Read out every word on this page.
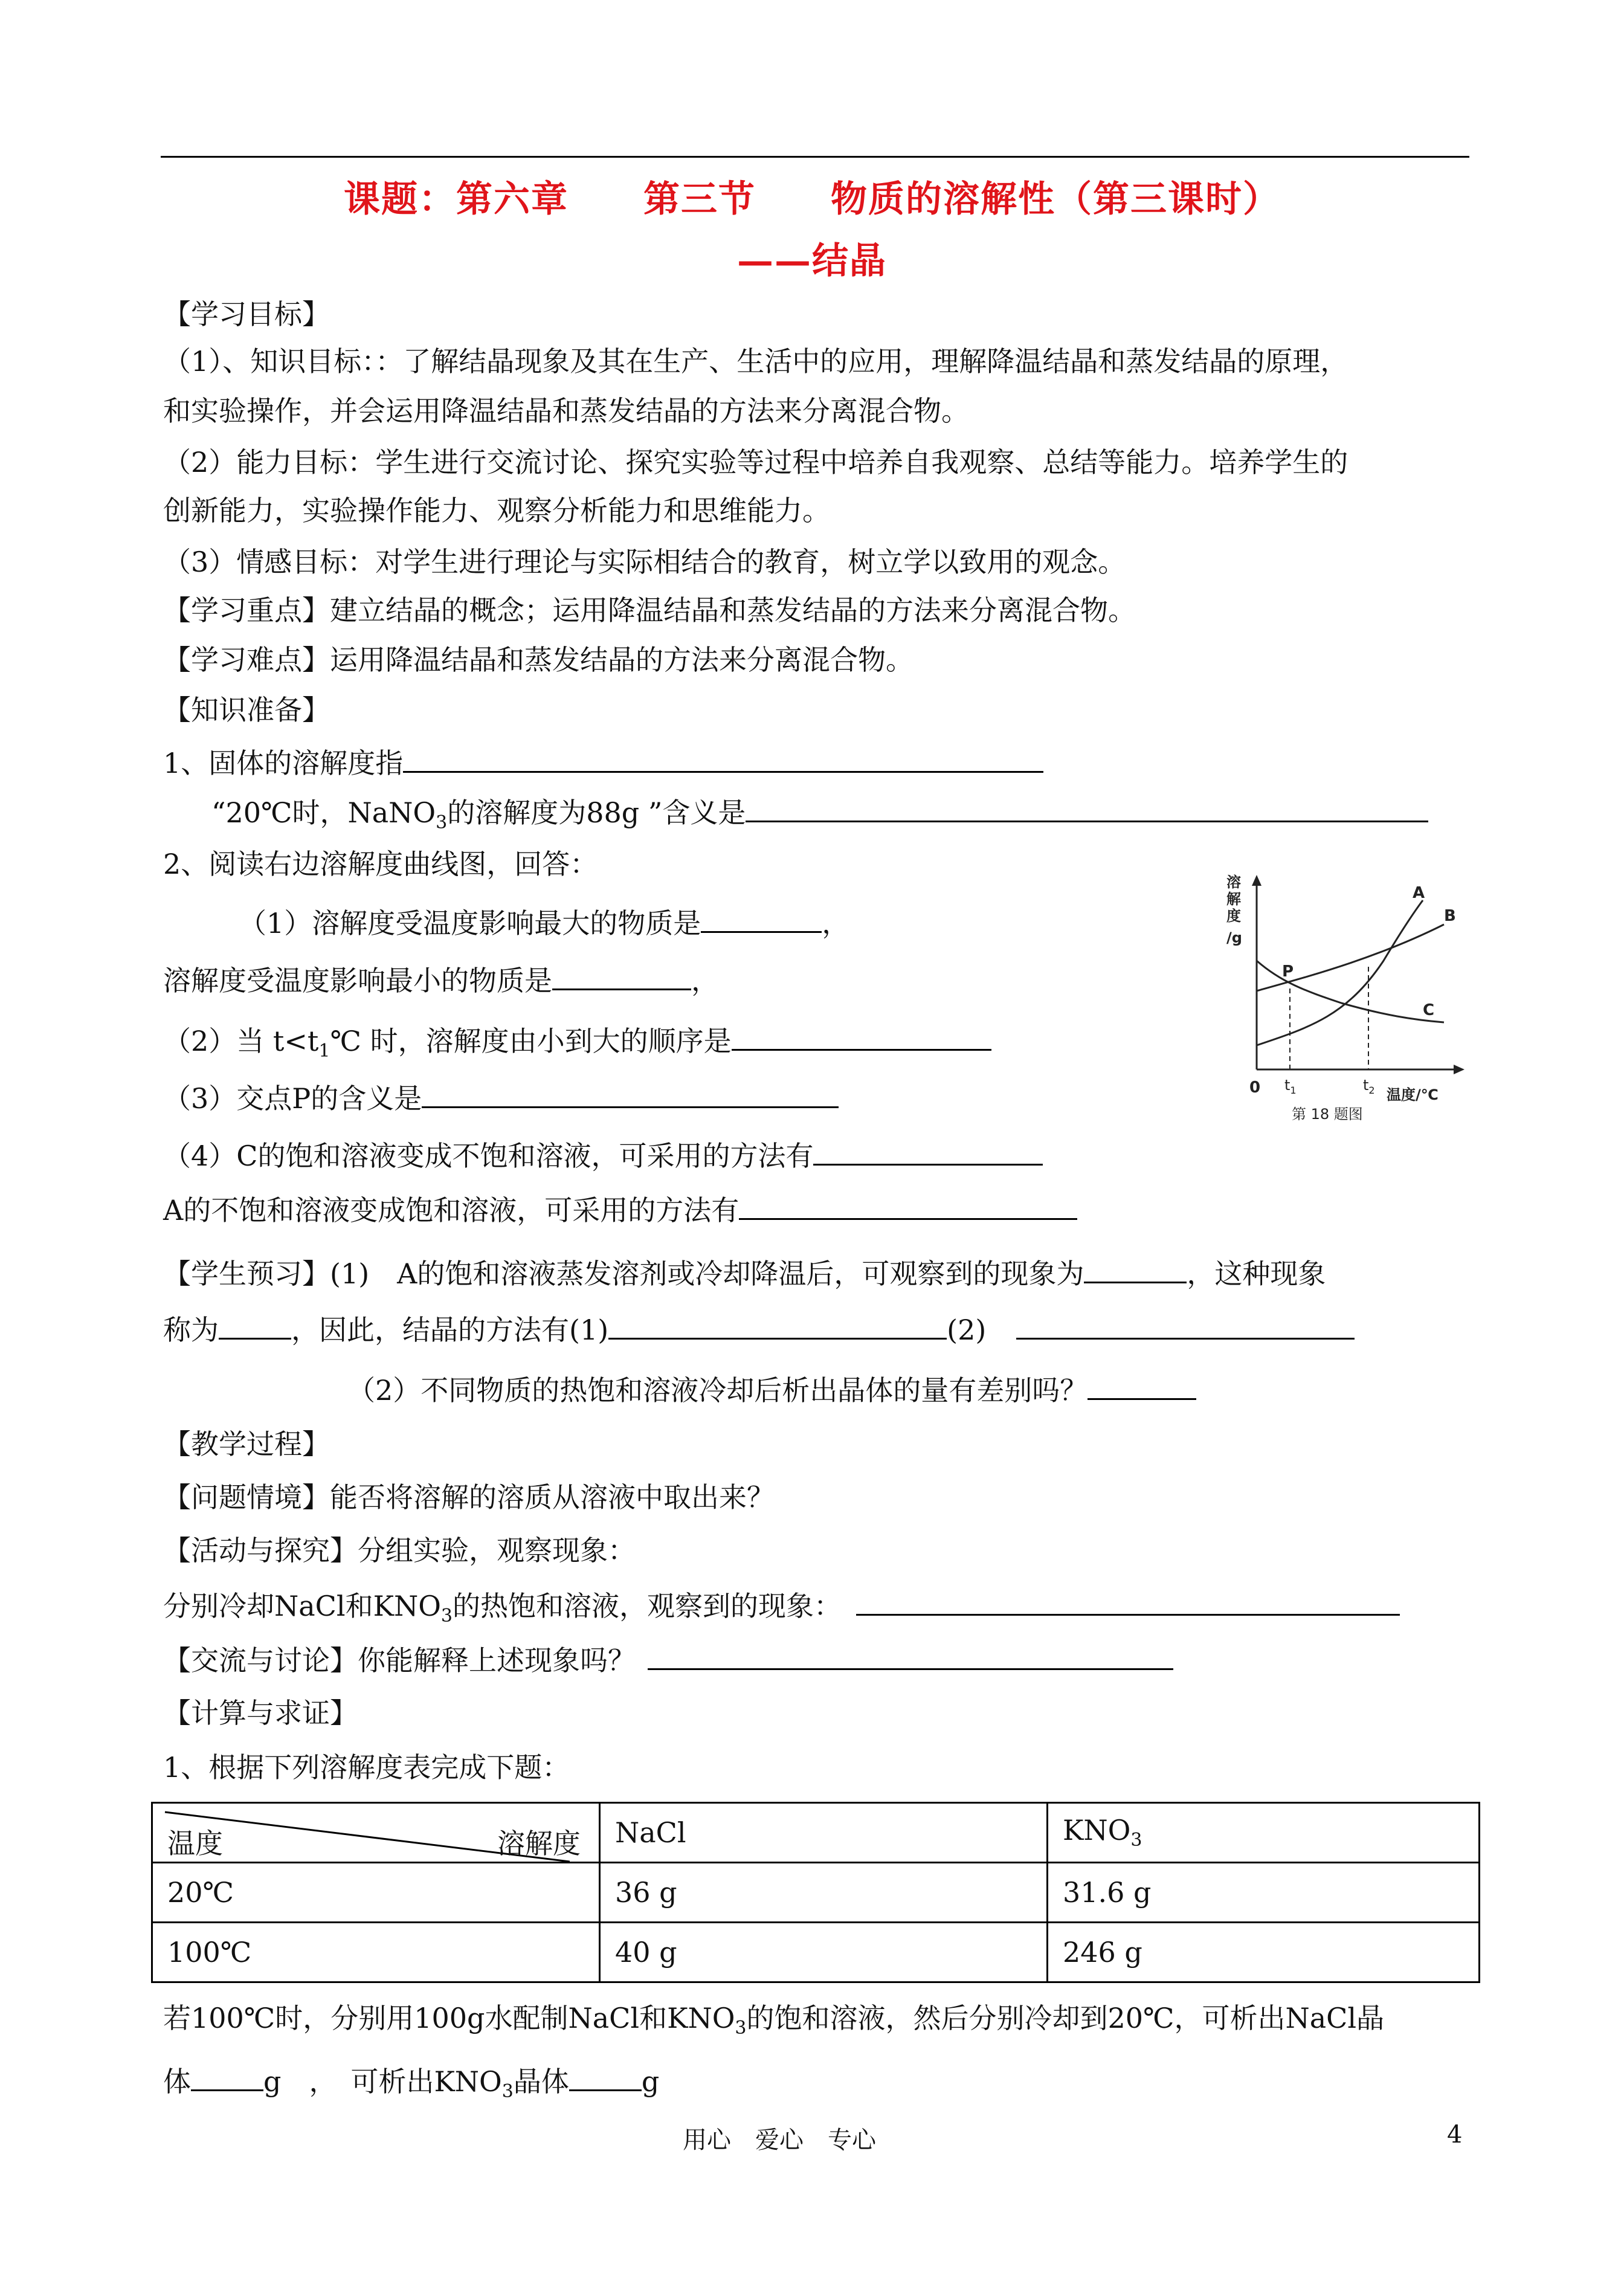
课题：第六章　　第三节　　物质的溶解性（第三课时）
——结晶
【学习目标】
（1）、知识目标：：了解结晶现象及其在生产、生活中的应用，理解降温结晶和蒸发结晶的原理，
和实验操作，并会运用降温结晶和蒸发结晶的方法来分离混合物。
（2）能力目标：学生进行交流讨论、探究实验等过程中培养自我观察、总结等能力。培养学生的
创新能力，实验操作能力、观察分析能力和思维能力。
（3）情感目标：对学生进行理论与实际相结合的教育，树立学以致用的观念。
【学习重点】建立结晶的概念；运用降温结晶和蒸发结晶的方法来分离混合物。
【学习难点】运用降温结晶和蒸发结晶的方法来分离混合物。
【知识准备】
1、固体的溶解度指
“20℃时，NaNO$_3$的溶解度为88g ”含义是
2、阅读右边溶解度曲线图，回答：
（1）溶解度受温度影响最大的物质是	，
溶解度受温度影响最小的物质是	，
（2）当 $t<t_1℃$ 时，溶解度由小到大的顺序是
（3）交点P的含义是
（4）C的饱和溶液变成不饱和溶液，可采用的方法有
A的不饱和溶液变成饱和溶液，可采用的方法有
溶
解
度
/g
A
B
C
P
0 $t_1$	$t_2$ 温度/℃
第 18 题图
【学生预习】(1)　A的饱和溶液蒸发溶剂或冷却降温后，可观察到的现象为	，这种现象
称为	，因此，结晶的方法有(1)	(2)
（2）不同物质的热饱和溶液冷却后析出晶体的量有差别吗？
【教学过程】
【问题情境】能否将溶解的溶质从溶液中取出来？
【活动与探究】分组实验，观察现象：
分别冷却NaCl和$KNO_3$的热饱和溶液，观察到的现象：
【交流与讨论】你能解释上述现象吗？
【计算与求证】
1、根据下列溶解度表完成下题：
温度 溶解度	NaCl	$KNO_3$
20℃	36 g	31.6 g
100℃	40 g	246 g
若100℃时，分别用100g水配制NaCl和$KNO_3$的饱和溶液，然后分别冷却到20℃，可析出NaCl晶
体	g　，　可析出$KNO_3$晶体	g
用心　爱心　专心	4
